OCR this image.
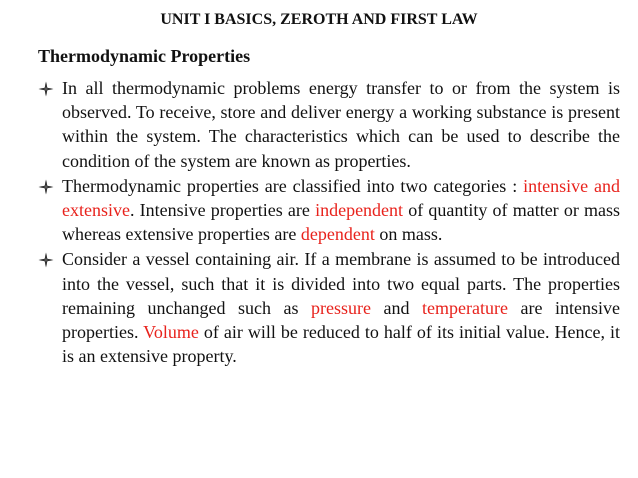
UNIT I BASICS, ZEROTH AND FIRST LAW
Thermodynamic Properties
In all thermodynamic problems energy transfer to or from the system is observed. To receive, store and deliver energy a working substance is present within the system. The characteristics which can be used to describe the condition of the system are known as properties.
Thermodynamic properties are classified into two categories : intensive and extensive. Intensive properties are independent of quantity of matter or mass whereas extensive properties are dependent on mass.
Consider a vessel containing air. If a membrane is assumed to be introduced into the vessel, such that it is divided into two equal parts. The properties remaining unchanged such as pressure and temperature are intensive properties. Volume of air will be reduced to half of its initial value. Hence, it is an extensive property.
